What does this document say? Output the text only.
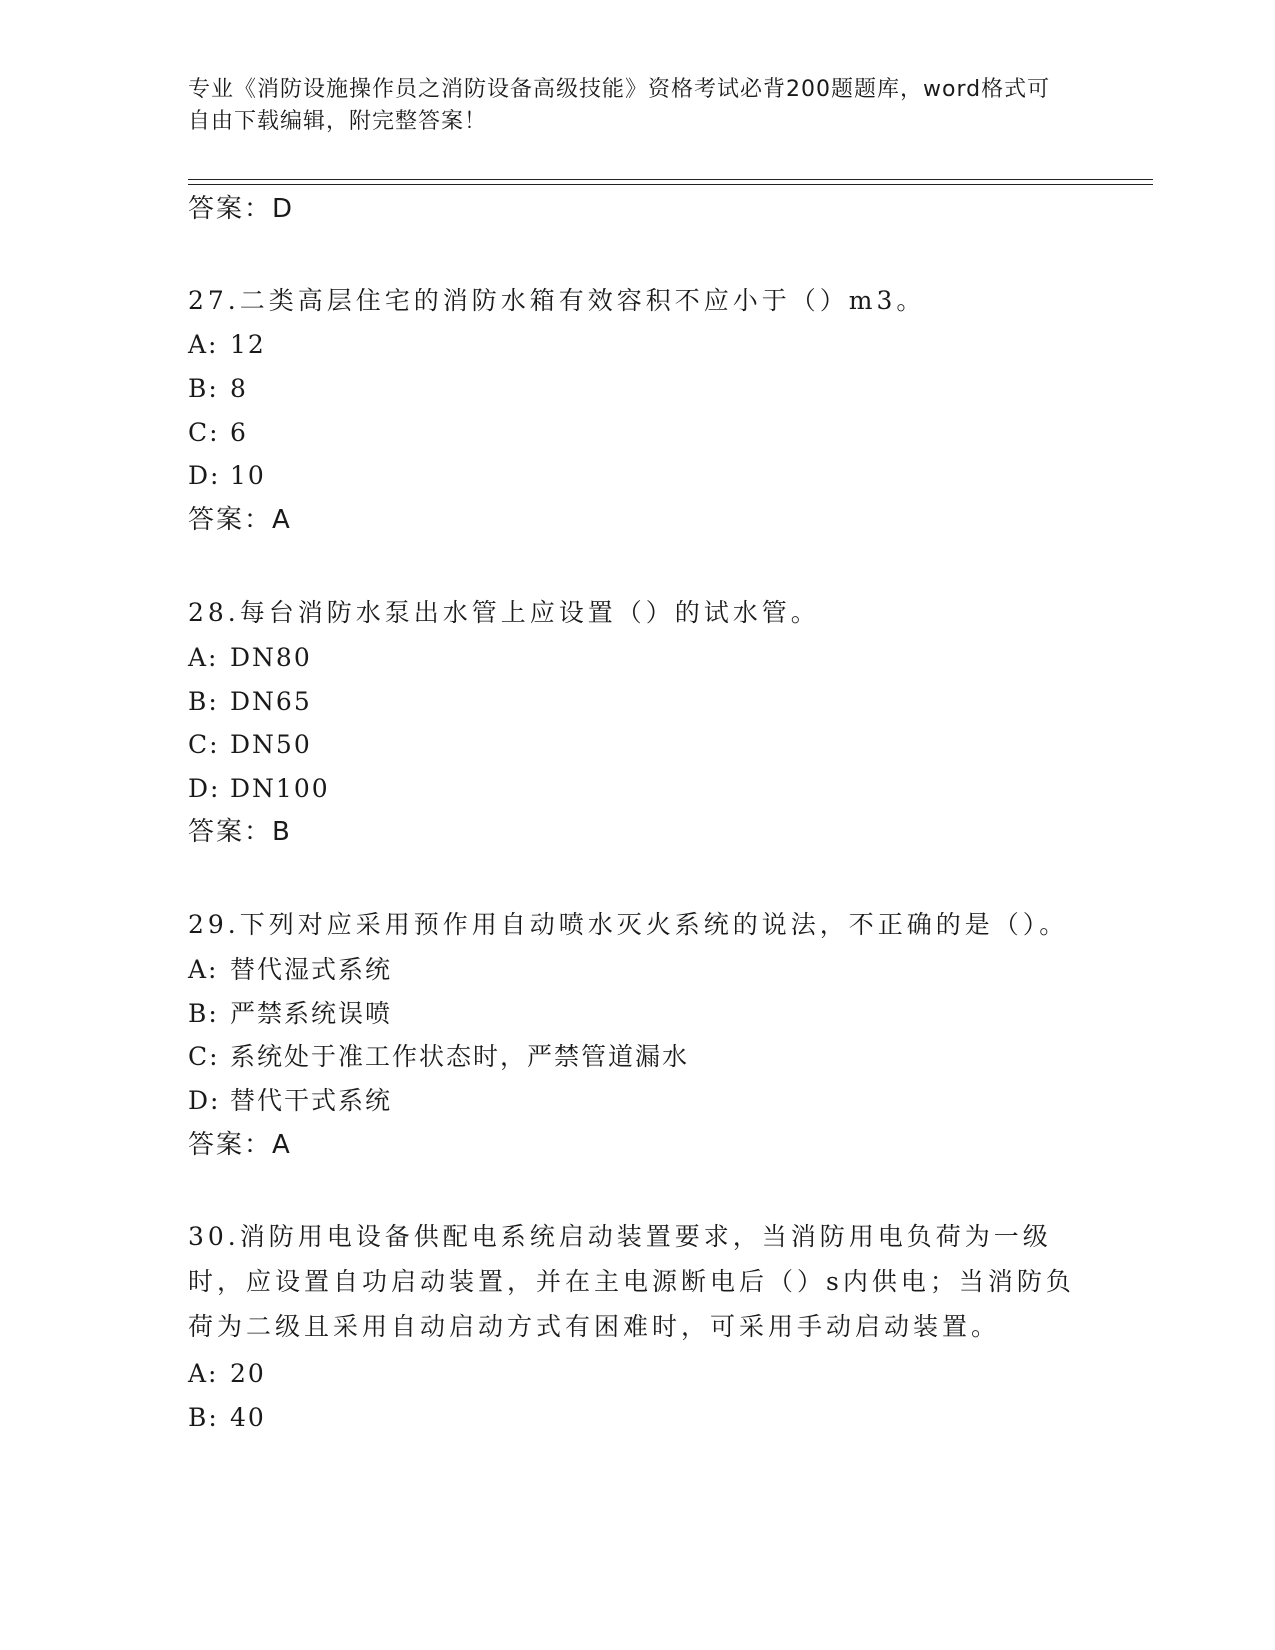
专业《消防设施操作员之消防设备高级技能》资格考试必背200题题库，word格式可自由下载编辑，附完整答案！
答案：D
27.二类高层住宅的消防水箱有效容积不应小于（）m3。
A: 12
B: 8
C: 6
D: 10
答案：A
28.每台消防水泵出水管上应设置（）的试水管。
A: DN80
B: DN65
C: DN50
D: DN100
答案：B
29.下列对应采用预作用自动喷水灭火系统的说法，不正确的是（）。
A: 替代湿式系统
B: 严禁系统误喷
C: 系统处于准工作状态时，严禁管道漏水
D: 替代干式系统
答案：A
30.消防用电设备供配电系统启动装置要求，当消防用电负荷为一级时，应设置自功启动装置，并在主电源断电后（）s内供电；当消防负荷为二级且采用自动启动方式有困难时，可采用手动启动装置。
A: 20
B: 40
